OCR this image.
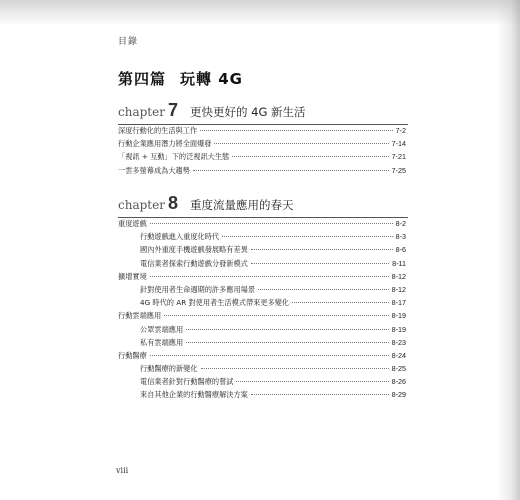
目錄
第四篇 玩轉 4G
chapter 7 更快更好的 4G 新生活
深度行動化的生活與工作	7-2
行動企業應用潛力將全面爆發	7-14
「視訊 + 互動」下的泛視訊大生態	7-21
一雲多螢幕成為大趨勢	7-25
chapter 8 重度流量應用的春天
重度遊戲	8-2
行動遊戲進入重度化時代	8-3
國內外重度手機遊戲發展略有差異	8-6
電信業者探索行動遊戲分發新模式	8-11
擴增實境	8-12
針對使用者生命週期的許多應用場景	8-12
4G 時代的 AR 對使用者生活模式帶來更多變化	8-17
行動雲端應用	8-19
公眾雲端應用	8-19
私有雲端應用	8-23
行動醫療	8-24
行動醫療的新變化	8-25
電信業者針對行動醫療的嘗試	8-26
來自其他企業的行動醫療解決方案	8-29
viii
